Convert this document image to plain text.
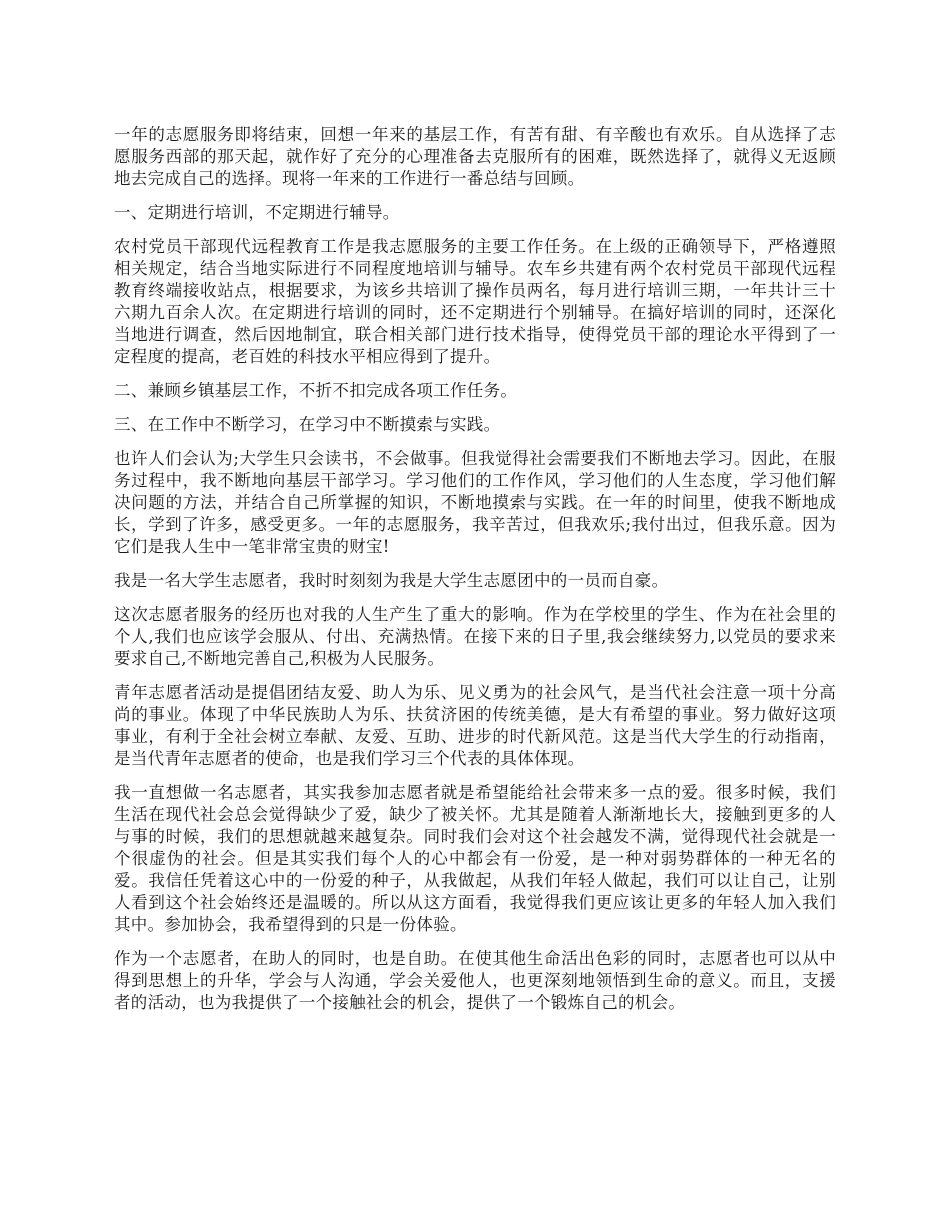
一年的志愿服务即将结束，回想一年来的基层工作，有苦有甜、有辛酸也有欢乐。自从选择了志愿服务西部的那天起，就作好了充分的心理准备去克服所有的困难，既然选择了，就得义无返顾地去完成自己的选择。现将一年来的工作进行一番总结与回顾。

一、定期进行培训，不定期进行辅导。

农村党员干部现代远程教育工作是我志愿服务的主要工作任务。在上级的正确领导下，严格遵照相关规定，结合当地实际进行不同程度地培训与辅导。农车乡共建有两个农村党员干部现代远程教育终端接收站点，根据要求，为该乡共培训了操作员两名，每月进行培训三期，一年共计三十六期九百余人次。在定期进行培训的同时，还不定期进行个别辅导。在搞好培训的同时，还深化当地进行调查，然后因地制宜，联合相关部门进行技术指导，使得党员干部的理论水平得到了一定程度的提高，老百姓的科技水平相应得到了提升。

二、兼顾乡镇基层工作，不折不扣完成各项工作任务。

三、在工作中不断学习，在学习中不断摸索与实践。

也许人们会认为;大学生只会读书，不会做事。但我觉得社会需要我们不断地去学习。因此，在服务过程中，我不断地向基层干部学习。学习他们的工作作风，学习他们的人生态度，学习他们解决问题的方法，并结合自己所掌握的知识，不断地摸索与实践。在一年的时间里，使我不断地成长，学到了许多，感受更多。一年的志愿服务，我辛苦过，但我欢乐;我付出过，但我乐意。因为它们是我人生中一笔非常宝贵的财宝!

我是一名大学生志愿者，我时时刻刻为我是大学生志愿团中的一员而自豪。

这次志愿者服务的经历也对我的人生产生了重大的影响。作为在学校里的学生、作为在社会里的个人,我们也应该学会服从、付出、充满热情。在接下来的日子里,我会继续努力,以党员的要求来要求自己,不断地完善自己,积极为人民服务。

青年志愿者活动是提倡团结友爱、助人为乐、见义勇为的社会风气，是当代社会注意一项十分高尚的事业。体现了中华民族助人为乐、扶贫济困的传统美德，是大有希望的事业。努力做好这项事业，有利于全社会树立奉献、友爱、互助、进步的时代新风范。这是当代大学生的行动指南，是当代青年志愿者的使命，也是我们学习三个代表的具体体现。

我一直想做一名志愿者，其实我参加志愿者就是希望能给社会带来多一点的爱。很多时候，我们生活在现代社会总会觉得缺少了爱，缺少了被关怀。尤其是随着人渐渐地长大，接触到更多的人与事的时候，我们的思想就越来越复杂。同时我们会对这个社会越发不满，觉得现代社会就是一个很虚伪的社会。但是其实我们每个人的心中都会有一份爱，是一种对弱势群体的一种无名的爱。我信任凭着这心中的一份爱的种子，从我做起，从我们年轻人做起，我们可以让自己，让别人看到这个社会始终还是温暖的。所以从这方面看，我觉得我们更应该让更多的年轻人加入我们其中。参加协会，我希望得到的只是一份体验。

作为一个志愿者，在助人的同时，也是自助。在使其他生命活出色彩的同时，志愿者也可以从中得到思想上的升华，学会与人沟通，学会关爱他人，也更深刻地领悟到生命的意义。而且，支援者的活动，也为我提供了一个接触社会的机会，提供了一个锻炼自己的机会。
